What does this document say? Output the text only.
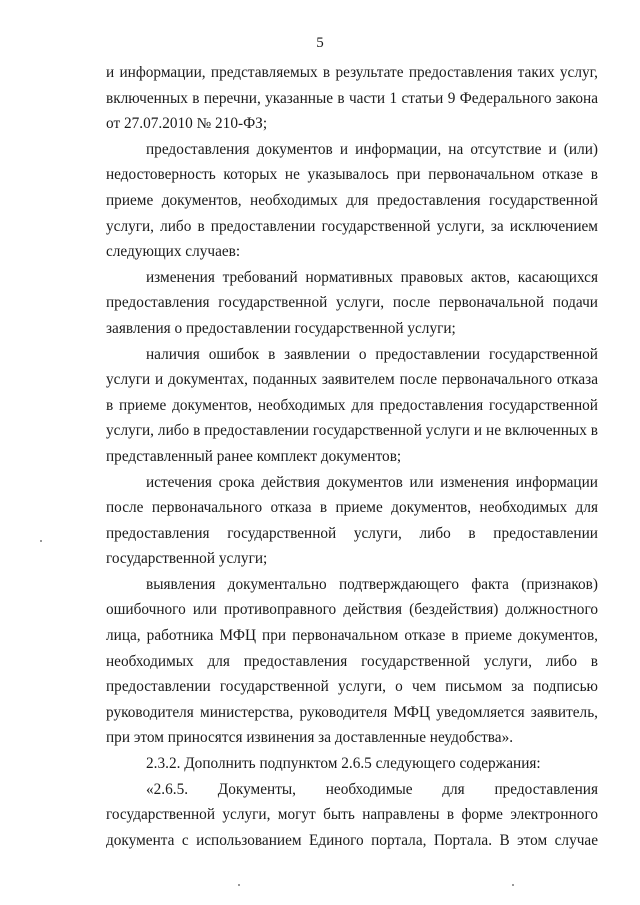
5

и информации, представляемых в результате предоставления таких услуг, включенных в перечни, указанные в части 1 статьи 9 Федерального закона от 27.07.2010 № 210-ФЗ;

предоставления документов и информации, на отсутствие и (или) недостоверность которых не указывалось при первоначальном отказе в приеме документов, необходимых для предоставления государственной услуги, либо в предоставлении государственной услуги, за исключением следующих случаев:

изменения требований нормативных правовых актов, касающихся предоставления государственной услуги, после первоначальной подачи заявления о предоставлении государственной услуги;

наличия ошибок в заявлении о предоставлении государственной услуги и документах, поданных заявителем после первоначального отказа в приеме документов, необходимых для предоставления государственной услуги, либо в предоставлении государственной услуги и не включенных в представленный ранее комплект документов;

истечения срока действия документов или изменения информации после первоначального отказа в приеме документов, необходимых для предоставления государственной услуги, либо в предоставлении государственной услуги;

выявления документально подтверждающего факта (признаков) ошибочного или противоправного действия (бездействия) должностного лица, работника МФЦ при первоначальном отказе в приеме документов, необходимых для предоставления государственной услуги, либо в предоставлении государственной услуги, о чем письмом за подписью руководителя министерства, руководителя МФЦ уведомляется заявитель, при этом приносятся извинения за доставленные неудобства».

2.3.2. Дополнить подпунктом 2.6.5 следующего содержания:

«2.6.5. Документы, необходимые для предоставления государственной услуги, могут быть направлены в форме электронного документа с использованием Единого портала, Портала. В этом случае
